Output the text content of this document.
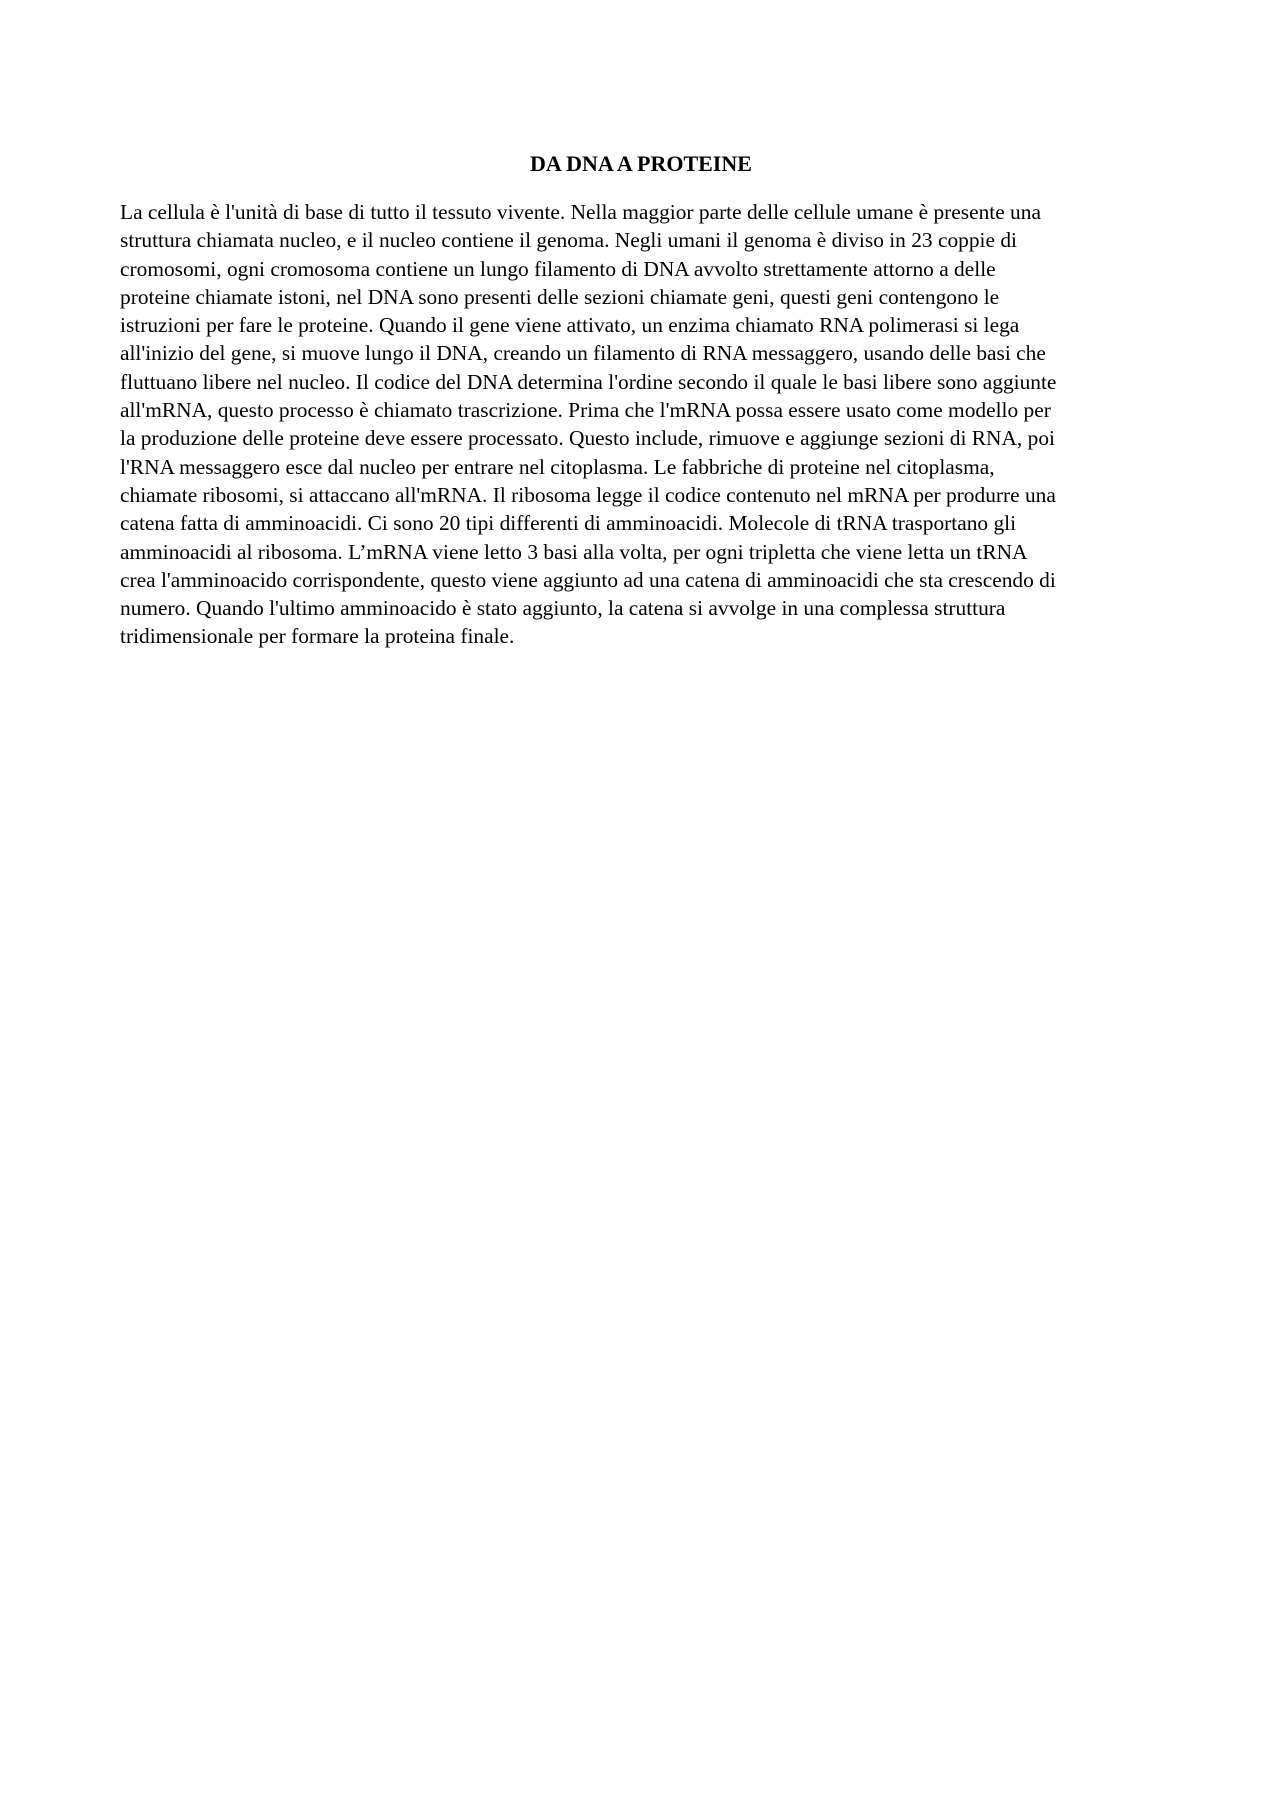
DA DNA A PROTEINE
La cellula è l'unità di base di tutto il tessuto vivente. Nella maggior parte delle cellule umane è presente una
struttura chiamata nucleo, e il nucleo contiene il genoma. Negli umani il genoma è diviso in 23 coppie di
cromosomi, ogni cromosoma contiene un lungo filamento di DNA avvolto strettamente attorno a delle
proteine chiamate istoni, nel DNA sono presenti delle sezioni chiamate geni, questi geni contengono le
istruzioni per fare le proteine. Quando il gene viene attivato, un enzima chiamato RNA polimerasi si lega
all'inizio del gene, si muove lungo il DNA, creando un filamento di RNA messaggero, usando delle basi che
fluttuano libere nel nucleo. Il codice del DNA determina l'ordine secondo il quale le basi libere sono aggiunte
all'mRNA, questo processo è chiamato trascrizione. Prima che l'mRNA possa essere usato come modello per
la produzione delle proteine deve essere processato. Questo include, rimuove e aggiunge sezioni di RNA, poi
l'RNA messaggero esce dal nucleo per entrare nel citoplasma. Le fabbriche di proteine nel citoplasma,
chiamate ribosomi, si attaccano all'mRNA. Il ribosoma legge il codice contenuto nel mRNA per produrre una
catena fatta di amminoacidi. Ci sono 20 tipi differenti di amminoacidi. Molecole di tRNA trasportano gli
amminoacidi al ribosoma. L’mRNA viene letto 3 basi alla volta, per ogni tripletta che viene letta un tRNA
crea l'amminoacido corrispondente, questo viene aggiunto ad una catena di amminoacidi che sta crescendo di
numero. Quando l'ultimo amminoacido è stato aggiunto, la catena si avvolge in una complessa struttura
tridimensionale per formare la proteina finale.
